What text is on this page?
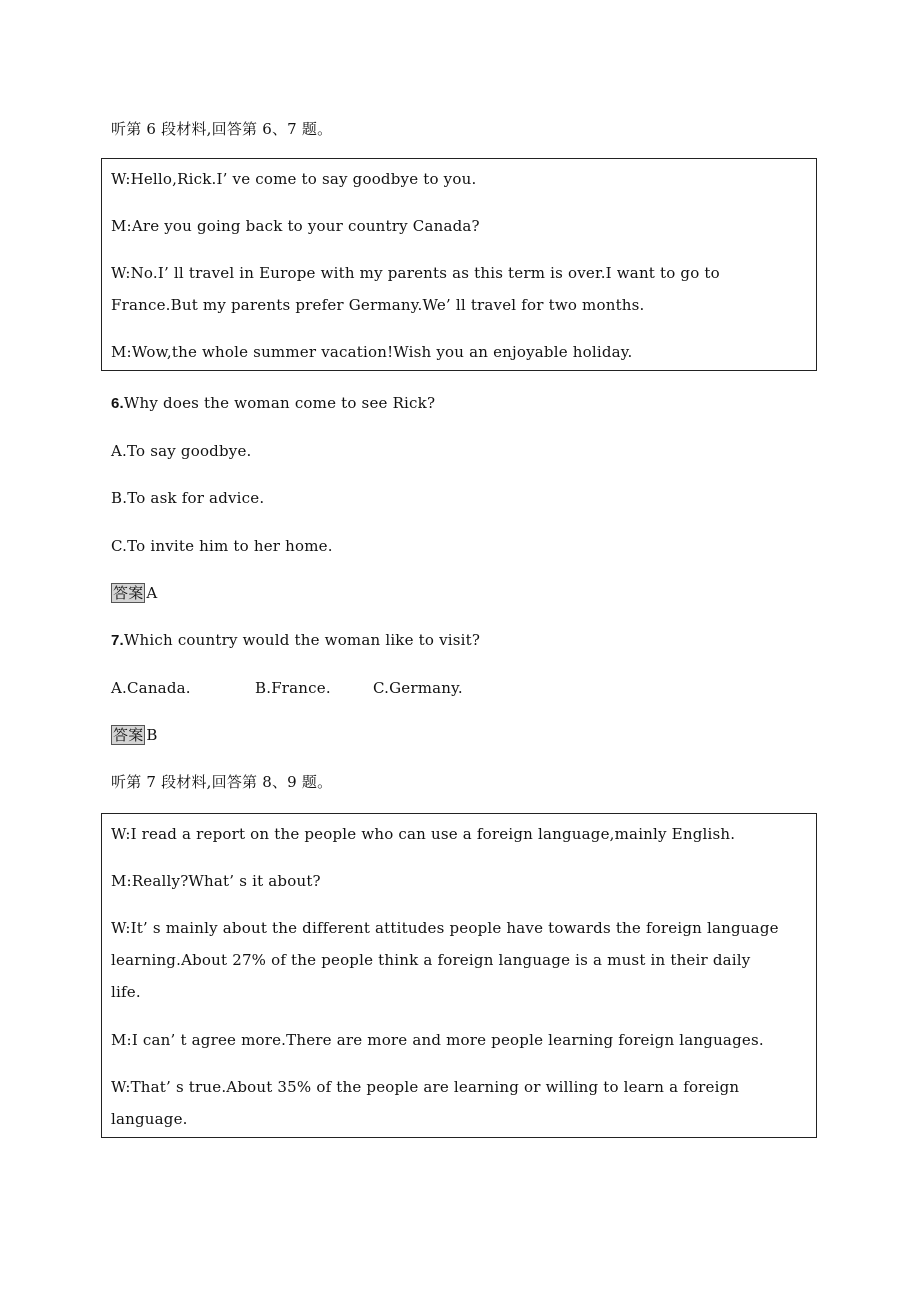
听第 6 段材料,回答第 6、7 题。
W:Hello,Rick.I’ ve come to say goodbye to you.
M:Are you going back to your country Canada?
W:No.I’ ll travel in Europe with my parents as this term is over.I want to go to
France.But my parents prefer Germany.We’ ll travel for two months.
M:Wow,the whole summer vacation!Wish you an enjoyable holiday.
6.Why does the woman come to see Rick?
A.To say goodbye.
B.To ask for advice.
C.To invite him to her home.
答案 A
7.Which country would the woman like to visit?
A.Canada.	B.France.	C.Germany.
答案 B
听第 7 段材料,回答第 8、9 题。
W:I read a report on the people who can use a foreign language,mainly English.
M:Really?What’ s it about?
W:It’ s mainly about the different attitudes people have towards the foreign language
learning.About 27% of the people think a foreign language is a must in their daily
life.
M:I can’ t agree more.There are more and more people learning foreign languages.
W:That’ s true.About 35% of the people are learning or willing to learn a foreign
language.
